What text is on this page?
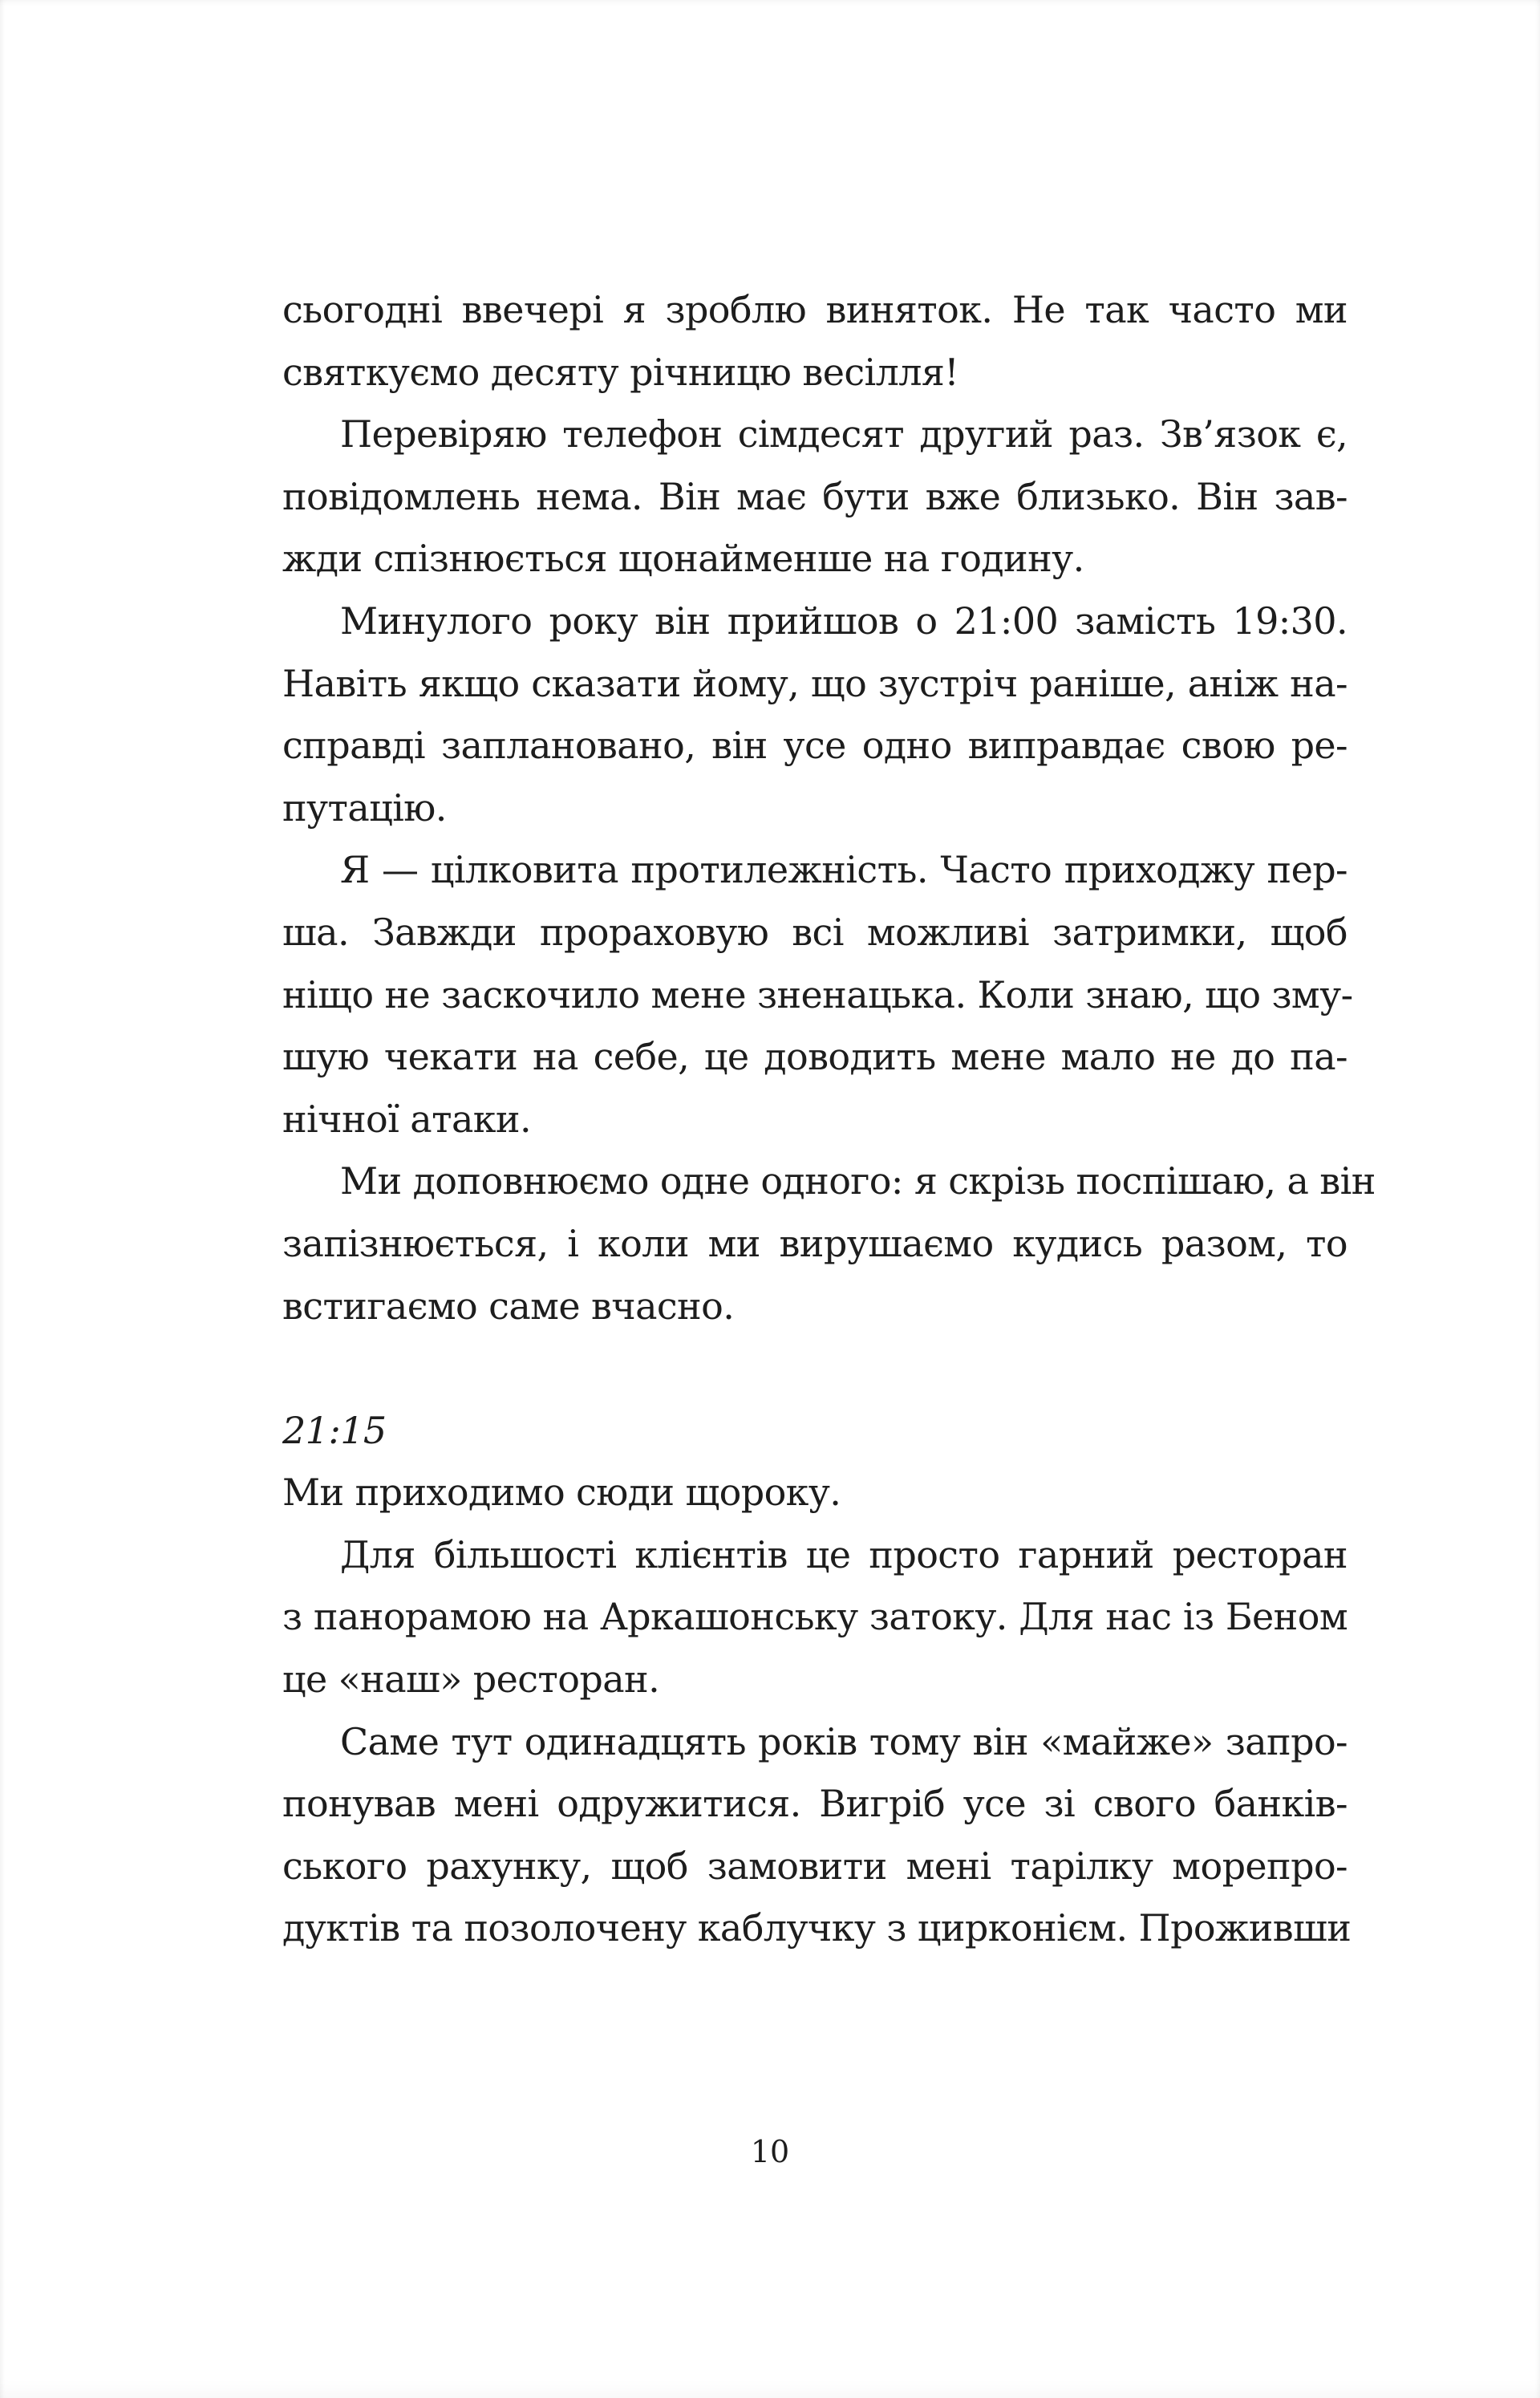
сьогодні ввечері я зроблю виняток. Не так часто ми
святкуємо десяту річницю весілля!
Перевіряю телефон сімдесят другий раз. Зв’язок є,
повідомлень нема. Він має бути вже близько. Він зав-
жди спізнюється щонайменше на годину.
Минулого року він прийшов о 21:00 замість 19:30.
Навіть якщо сказати йому, що зустріч раніше, аніж на-
справді заплановано, він усе одно виправдає свою ре-
путацію.
Я — цілковита протилежність. Часто приходжу пер-
ша. Завжди прораховую всі можливі затримки, щоб
ніщо не заскочило мене зненацька. Коли знаю, що зму-
шую чекати на себе, це доводить мене мало не до па-
нічної атаки.
Ми доповнюємо одне одного: я скрізь поспішаю, а він
запізнюється, і коли ми вирушаємо кудись разом, то
встигаємо саме вчасно.
21:15
Ми приходимо сюди щороку.
Для більшості клієнтів це просто гарний ресторан
з панорамою на Аркашонську затоку. Для нас із Беном
це «наш» ресторан.
Саме тут одинадцять років тому він «майже» запро-
понував мені одружитися. Вигріб усе зі свого банків-
ського рахунку, щоб замовити мені тарілку морепро-
дуктів та позолочену каблучку з цирконієм. Проживши
10
